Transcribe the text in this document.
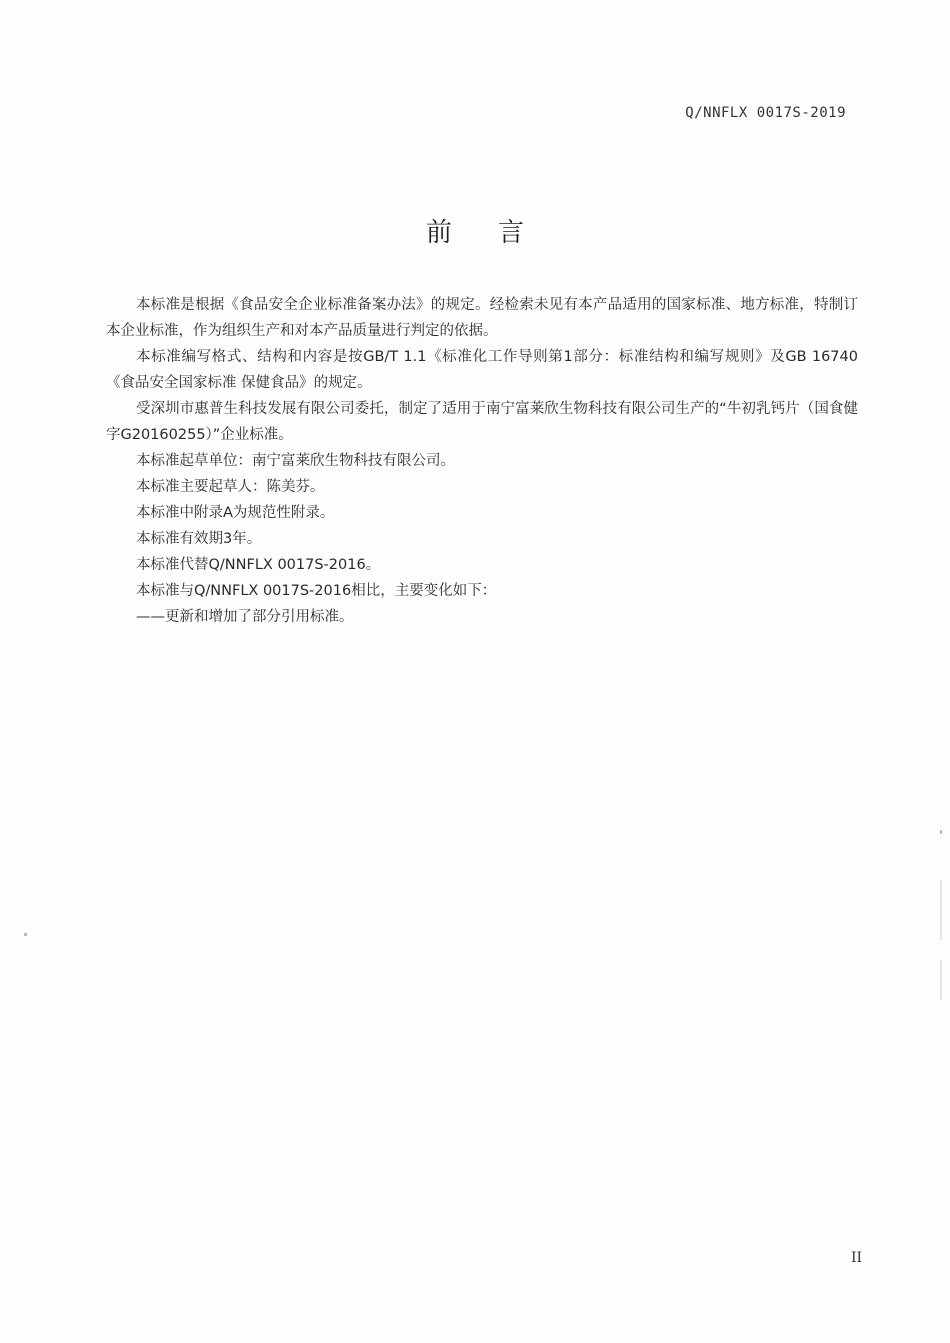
Q/NNFLX 0017S-2019
前言

本标准是根据《食品安全企业标准备案办法》的规定。经检索未见有本产品适用的国家标准、地方标准，特制订本企业标准，作为组织生产和对本产品质量进行判定的依据。

本标准编写格式、结构和内容是按GB/T 1.1《标准化工作导则第1部分：标准结构和编写规则》及GB 16740《食品安全国家标准 保健食品》的规定。

受深圳市惠普生科技发展有限公司委托，制定了适用于南宁富莱欣生物科技有限公司生产的“牛初乳钙片（国食健字G20160255）”企业标准。

本标准起草单位：南宁富莱欣生物科技有限公司。

本标准主要起草人：陈美芬。

本标准中附录A为规范性附录。

本标准有效期3年。

本标准代替Q/NNFLX 0017S-2016。

本标准与Q/NNFLX 0017S-2016相比，主要变化如下：

——更新和增加了部分引用标准。

II
